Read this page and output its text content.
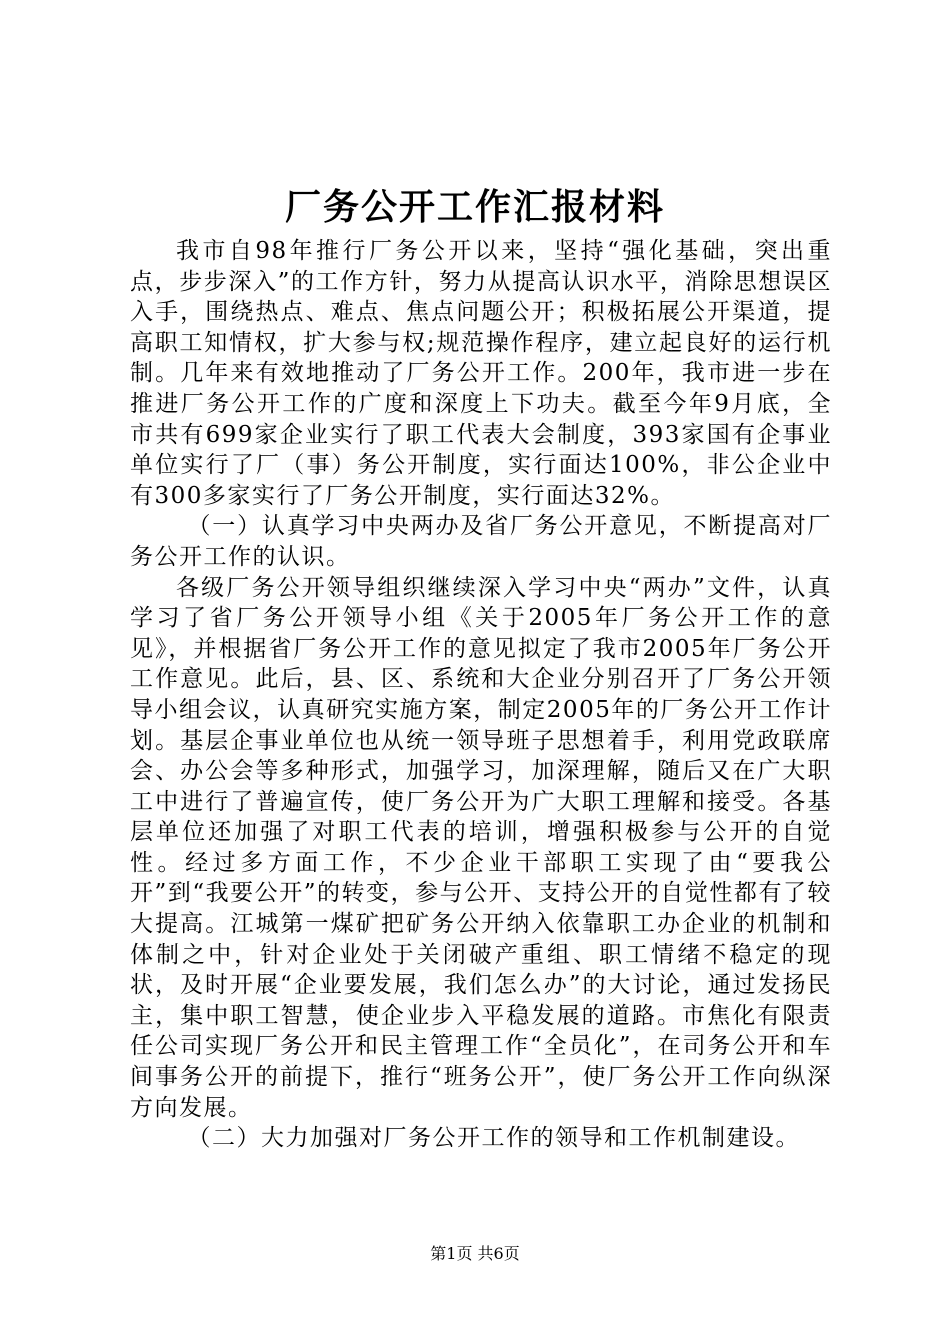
厂务公开工作汇报材料

我市自98年推行厂务公开以来，坚持“强化基础，突出重点，步步深入”的工作方针，努力从提高认识水平，消除思想误区入手，围绕热点、难点、焦点问题公开；积极拓展公开渠道，提高职工知情权，扩大参与权;规范操作程序，建立起良好的运行机制。几年来有效地推动了厂务公开工作。200年，我市进一步在推进厂务公开工作的广度和深度上下功夫。截至今年9月底，全市共有699家企业实行了职工代表大会制度，393家国有企事业单位实行了厂（事）务公开制度，实行面达100%，非公企业中有300多家实行了厂务公开制度，实行面达32%。

（一）认真学习中央两办及省厂务公开意见，不断提高对厂务公开工作的认识。

各级厂务公开领导组织继续深入学习中央“两办”文件，认真学习了省厂务公开领导小组《关于2005年厂务公开工作的意见》，并根据省厂务公开工作的意见拟定了我市2005年厂务公开工作意见。此后，县、区、系统和大企业分别召开了厂务公开领导小组会议，认真研究实施方案，制定2005年的厂务公开工作计划。基层企事业单位也从统一领导班子思想着手，利用党政联席会、办公会等多种形式，加强学习，加深理解，随后又在广大职工中进行了普遍宣传，使厂务公开为广大职工理解和接受。各基层单位还加强了对职工代表的培训，增强积极参与公开的自觉性。经过多方面工作，不少企业干部职工实现了由“要我公开”到“我要公开”的转变，参与公开、支持公开的自觉性都有了较大提高。江城第一煤矿把矿务公开纳入依靠职工办企业的机制和体制之中，针对企业处于关闭破产重组、职工情绪不稳定的现状，及时开展“企业要发展，我们怎么办”的大讨论，通过发扬民主，集中职工智慧，使企业步入平稳发展的道路。市焦化有限责任公司实现厂务公开和民主管理工作“全员化”，在司务公开和车间事务公开的前提下，推行“班务公开”，使厂务公开工作向纵深方向发展。

（二）大力加强对厂务公开工作的领导和工作机制建设。

第1页 共6页
